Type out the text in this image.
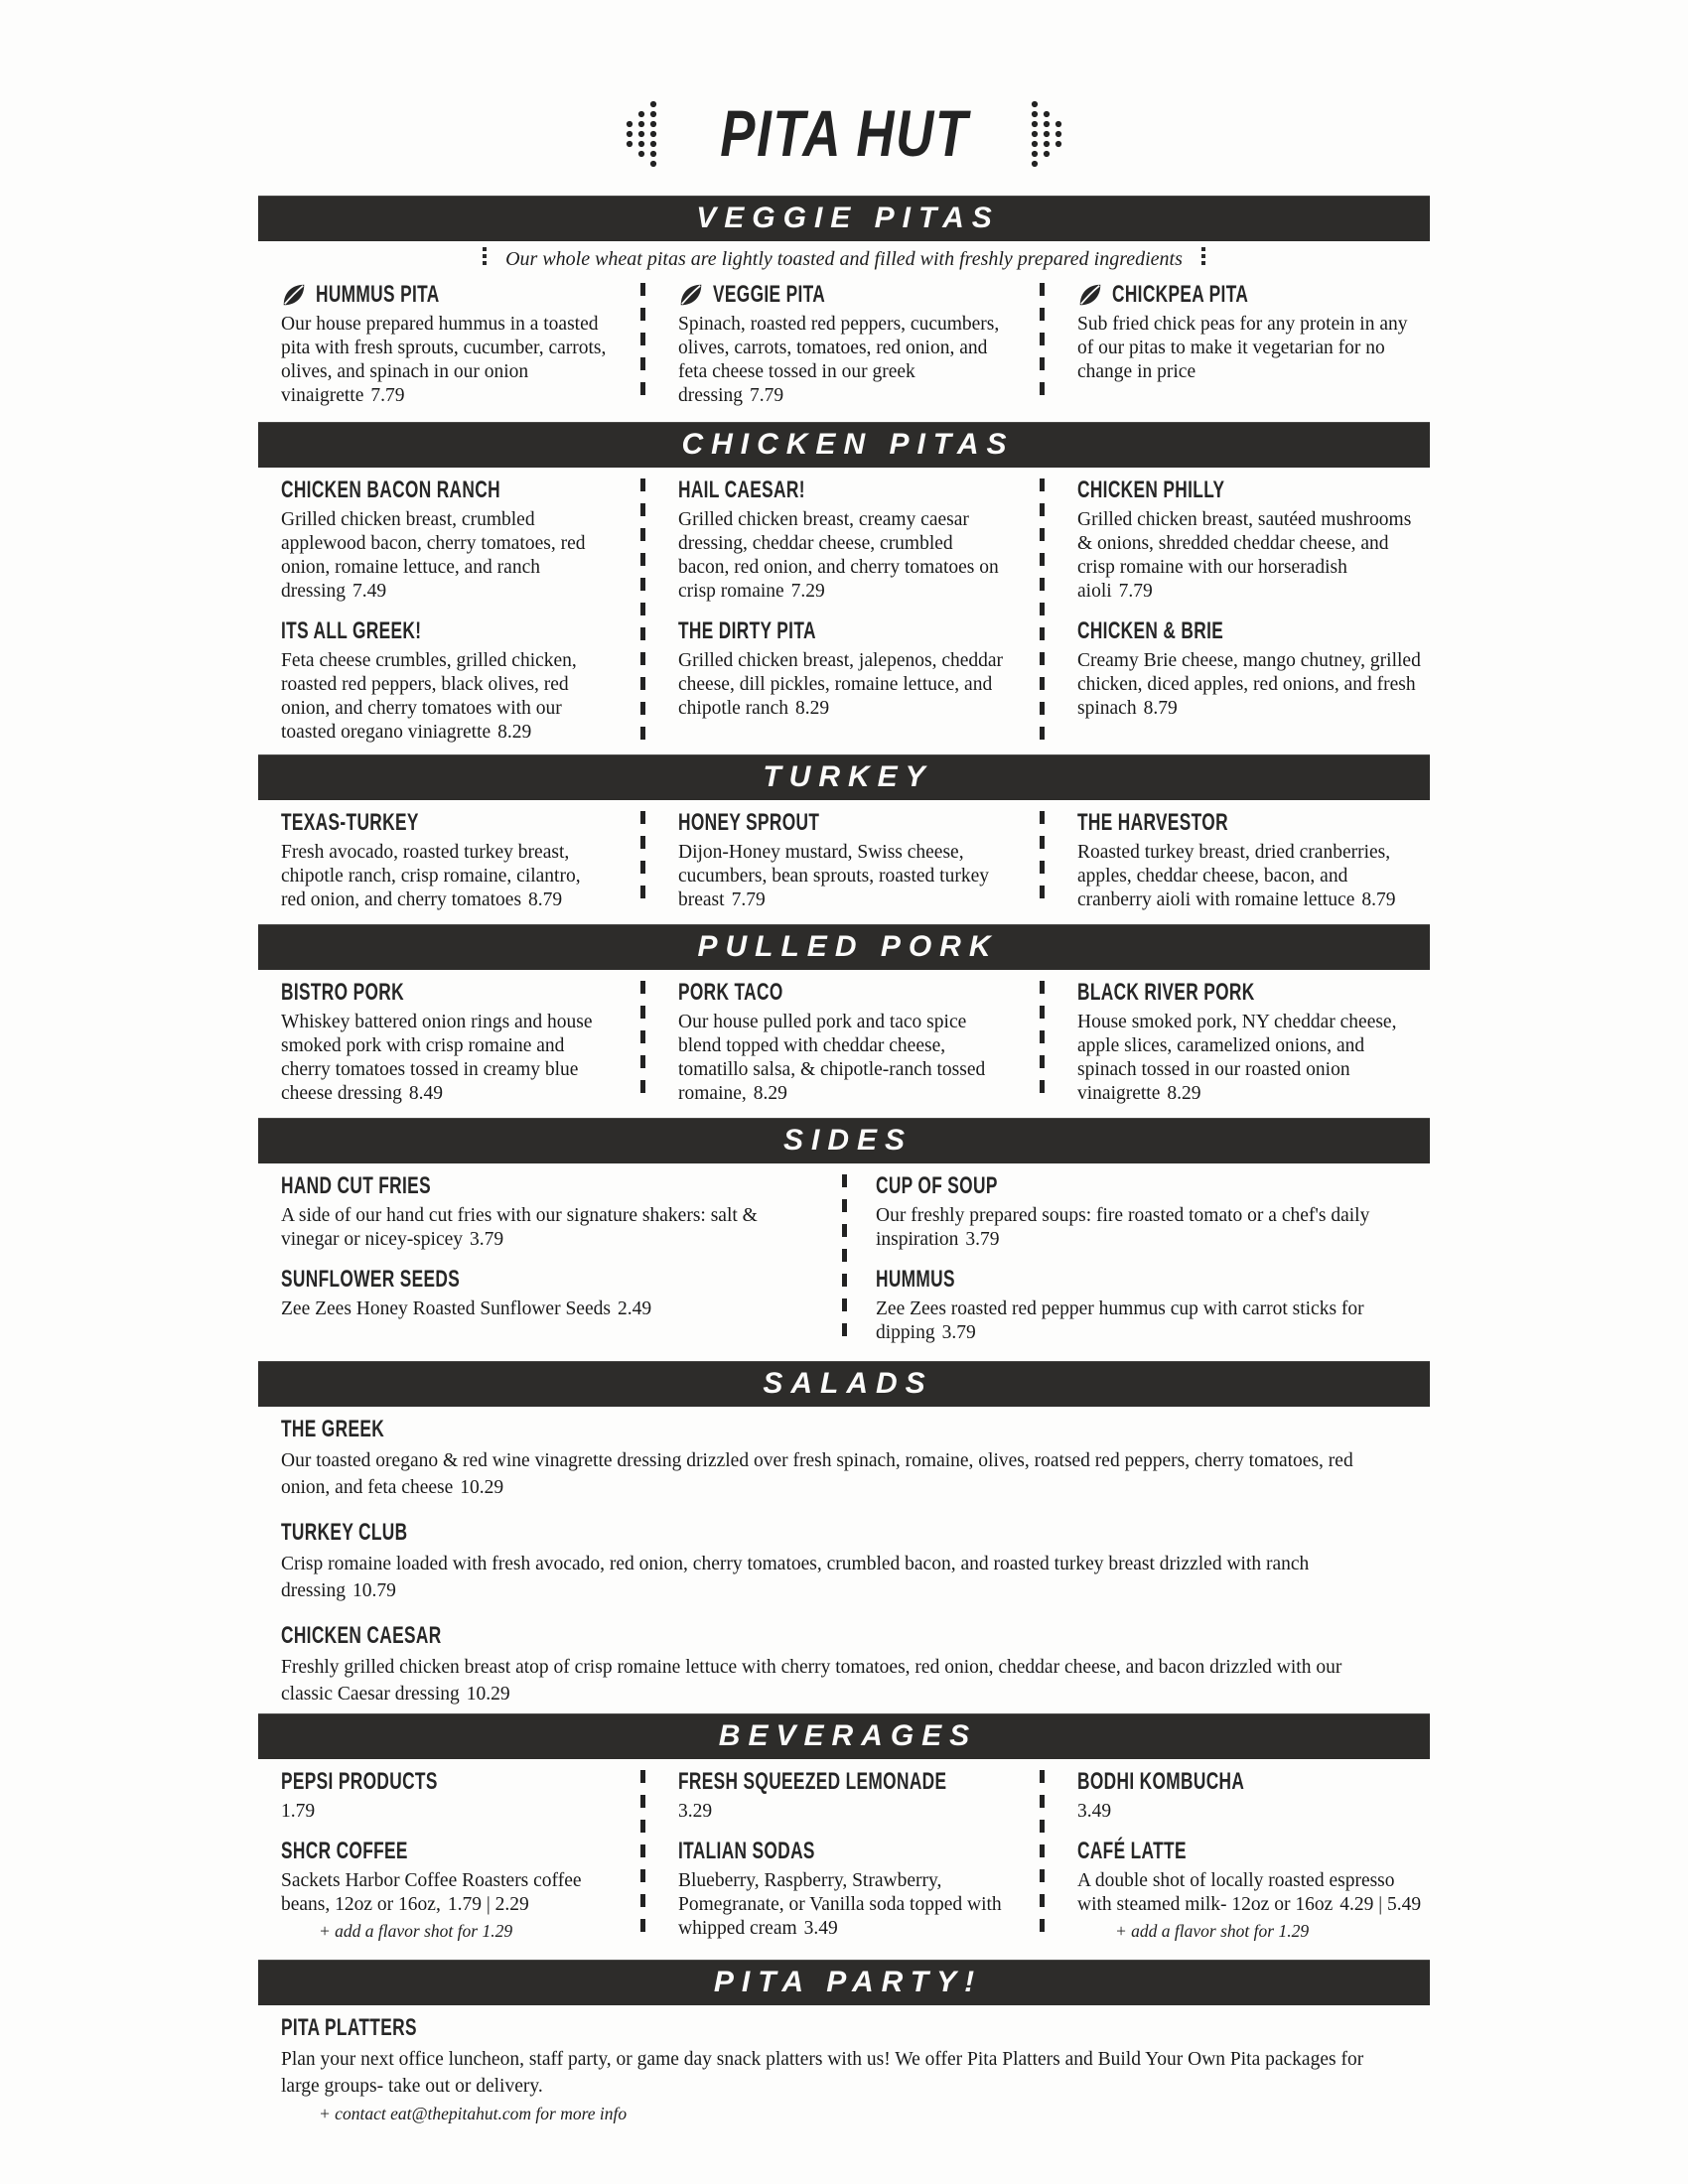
PITA HUT
VEGGIE PITAS

Our whole wheat pitas are lightly toasted and filled with freshly prepared ingredients

HUMMUS PITA

Our house prepared hummus in a toasted pita with fresh sprouts, cucumber, carrots, olives, and spinach in our onion vinaigrette 7.79

VEGGIE PITA

Spinach, roasted red peppers, cucumbers, olives, carrots, tomatoes, red onion, and feta cheese tossed in our greek dressing 7.79

CHICKPEA PITA

Sub fried chick peas for any protein in any of our pitas to make it vegetarian for no change in price

CHICKEN PITAS
CHICKEN BACON RANCH

Grilled chicken breast, crumbled applewood bacon, cherry tomatoes, red onion, romaine lettuce, and ranch dressing 7.49

ITS ALL GREEK!

Feta cheese crumbles, grilled chicken, roasted red peppers, black olives, red onion, and cherry tomatoes with our toasted oregano viniagrette 8.29

HAIL CAESAR!

Grilled chicken breast, creamy caesar dressing, cheddar cheese, crumbled bacon, red onion, and cherry tomatoes on crisp romaine 7.29

THE DIRTY PITA

Grilled chicken breast, jalepenos, cheddar cheese, dill pickles, romaine lettuce, and chipotle ranch 8.29

CHICKEN PHILLY

Grilled chicken breast, sautéed mushrooms & onions, shredded cheddar cheese, and crisp romaine with our horseradish aioli 7.79

CHICKEN & BRIE

Creamy Brie cheese, mango chutney, grilled chicken, diced apples, red onions, and fresh spinach 8.79

TURKEY
TEXAS-TURKEY

Fresh avocado, roasted turkey breast, chipotle ranch, crisp romaine, cilantro, red onion, and cherry tomatoes 8.79

HONEY SPROUT

Dijon-Honey mustard, Swiss cheese, cucumbers, bean sprouts, roasted turkey breast 7.79

THE HARVESTOR

Roasted turkey breast, dried cranberries, apples, cheddar cheese, bacon, and cranberry aioli with romaine lettuce 8.79

PULLED PORK
BISTRO PORK

Whiskey battered onion rings and house smoked pork with crisp romaine and cherry tomatoes tossed in creamy blue cheese dressing 8.49

PORK TACO

Our house pulled pork and taco spice blend topped with cheddar cheese, tomatillo salsa, & chipotle-ranch tossed romaine, 8.29

BLACK RIVER PORK

House smoked pork, NY cheddar cheese, apple slices, caramelized onions, and spinach tossed in our roasted onion vinaigrette 8.29

SIDES
HAND CUT FRIES

A side of our hand cut fries with our signature shakers: salt & vinegar or nicey-spicey 3.79

SUNFLOWER SEEDS

Zee Zees Honey Roasted Sunflower Seeds 2.49

CUP OF SOUP

Our freshly prepared soups: fire roasted tomato or a chef's daily inspiration 3.79

HUMMUS

Zee Zees roasted red pepper hummus cup with carrot sticks for dipping 3.79

SALADS
THE GREEK

Our toasted oregano & red wine vinagrette dressing drizzled over fresh spinach, romaine, olives, roatsed red peppers, cherry tomatoes, red onion, and feta cheese 10.29

TURKEY CLUB

Crisp romaine loaded with fresh avocado, red onion, cherry tomatoes, crumbled bacon, and roasted turkey breast drizzled with ranch dressing 10.79

CHICKEN CAESAR

Freshly grilled chicken breast atop of crisp romaine lettuce with cherry tomatoes, red onion, cheddar cheese, and bacon drizzled with our classic Caesar dressing 10.29

BEVERAGES
PEPSI PRODUCTS

1.79

SHCR COFFEE

Sackets Harbor Coffee Roasters coffee beans, 12oz or 16oz, 1.79 | 2.29

+ add a flavor shot for 1.29

FRESH SQUEEZED LEMONADE

3.29

ITALIAN SODAS

Blueberry, Raspberry, Strawberry, Pomegranate, or Vanilla soda topped with whipped cream 3.49

BODHI KOMBUCHA

3.49

CAFÉ LATTE

A double shot of locally roasted espresso with steamed milk- 12oz or 16oz 4.29 | 5.49

+ add a flavor shot for 1.29

PITA PARTY!
PITA PLATTERS

Plan your next office luncheon, staff party, or game day snack platters with us! We offer Pita Platters and Build Your Own Pita packages for large groups- take out or delivery.

+ contact eat@thepitahut.com for more info
